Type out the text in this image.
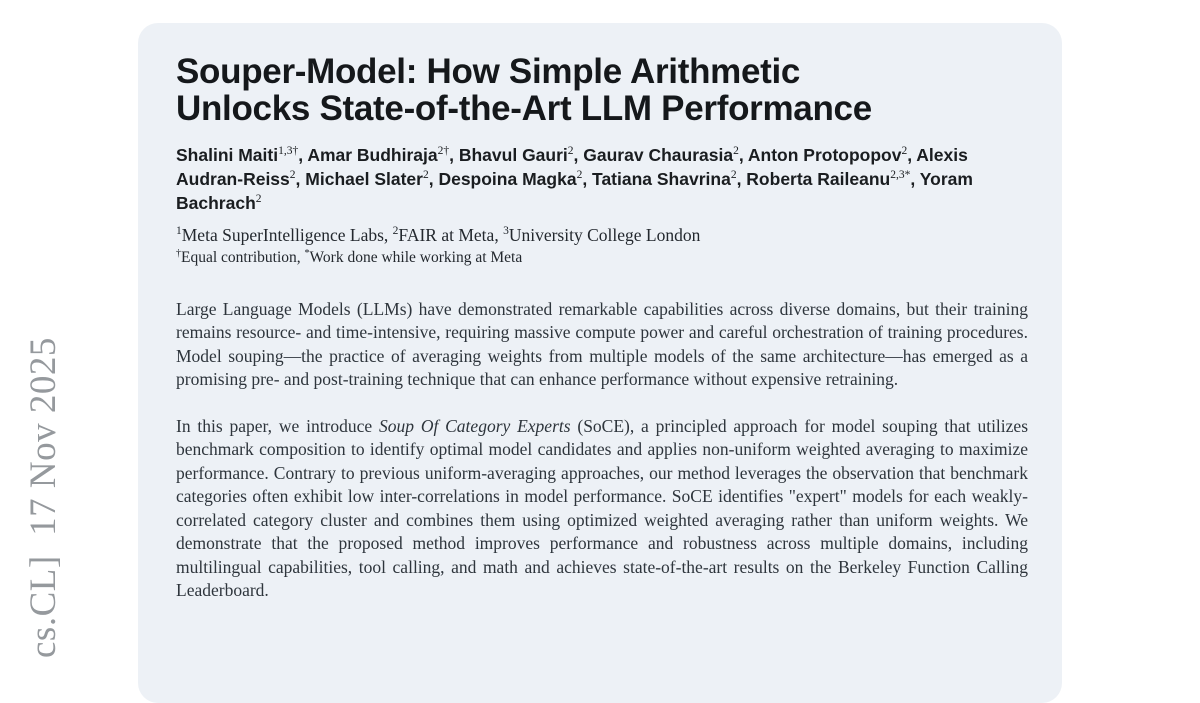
cs.CL]  17 Nov 2025
Souper-Model: How Simple Arithmetic
Unlocks State-of-the-Art LLM Performance
Shalini Maiti$^{1,3\dagger}$, Amar Budhiraja$^{2\dagger}$, Bhavul Gauri$^2$, Gaurav Chaurasia$^2$, Anton Protopopov$^2$, Alexis Audran-Reiss$^2$, Michael Slater$^2$, Despoina Magka$^2$, Tatiana Shavrina$^2$, Roberta Raileanu$^{2,3*}$, Yoram Bachrach$^2$
$^1$Meta SuperIntelligence Labs, $^2$FAIR at Meta, $^3$University College London
†Equal contribution, *Work done while working at Meta

Large Language Models (LLMs) have demonstrated remarkable capabilities across diverse domains, but their training remains resource- and time-intensive, requiring massive compute power and careful orchestration of training procedures. Model souping—the practice of averaging weights from multiple models of the same architecture—has emerged as a promising pre- and post-training technique that can enhance performance without expensive retraining.

In this paper, we introduce Soup Of Category Experts (SoCE), a principled approach for model souping that utilizes benchmark composition to identify optimal model candidates and applies non-uniform weighted averaging to maximize performance. Contrary to previous uniform-averaging approaches, our method leverages the observation that benchmark categories often exhibit low inter-correlations in model performance. SoCE identifies "expert" models for each weakly-correlated category cluster and combines them using optimized weighted averaging rather than uniform weights. We demonstrate that the proposed method improves performance and robustness across multiple domains, including multilingual capabilities, tool calling, and math and achieves state-of-the-art results on the Berkeley Function Calling Leaderboard.
